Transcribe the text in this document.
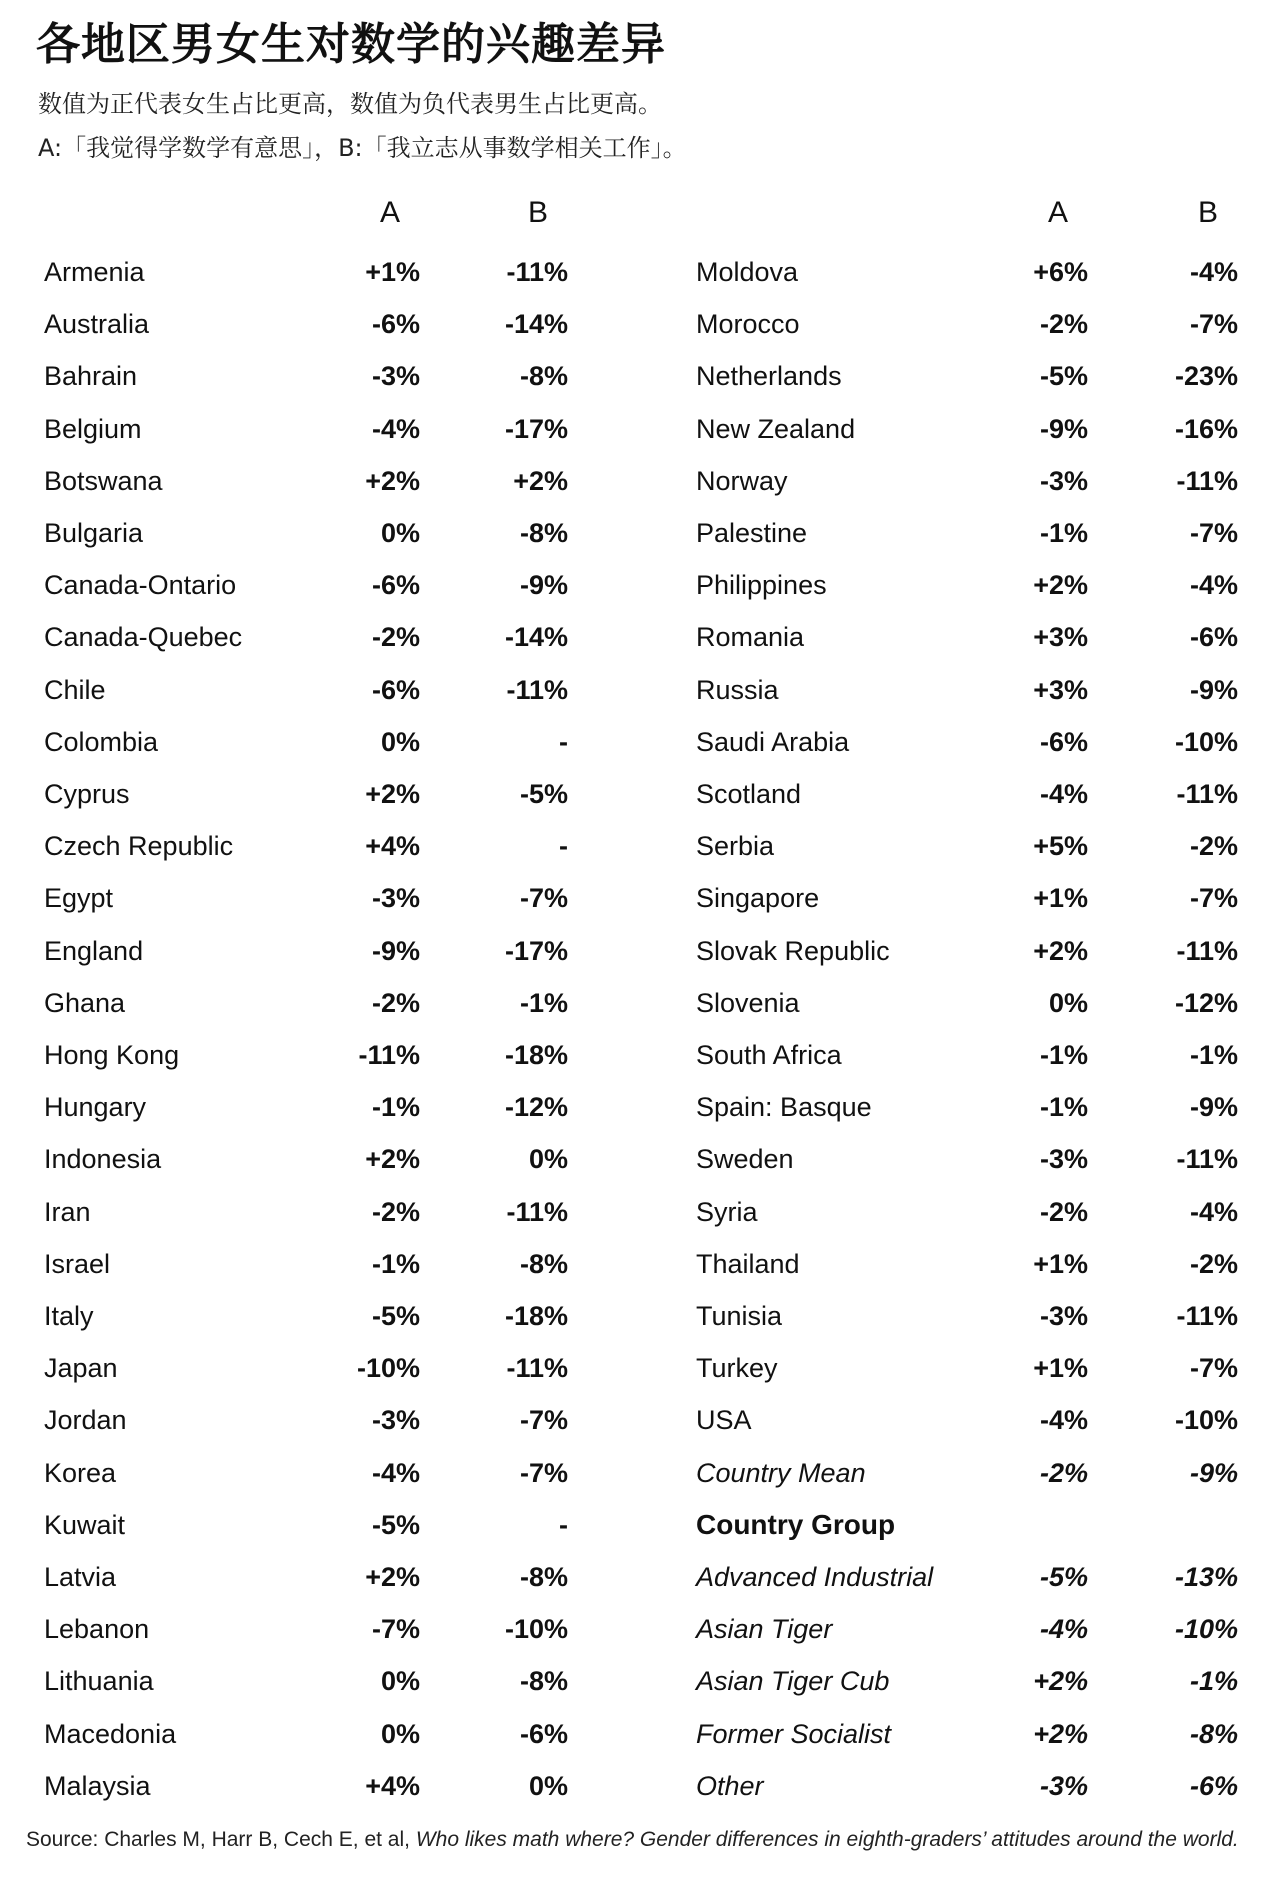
各地区男女生对数学的兴趣差异
数值为正代表女生占比更高，数值为负代表男生占比更高。
A:「我觉得学数学有意思」，B:「我立志从事数学相关工作」。
A	B	A	B
Armenia	+1%	-11%
Australia	-6%	-14%
Bahrain	-3%	-8%
Belgium	-4%	-17%
Botswana	+2%	+2%
Bulgaria	0%	-8%
Canada-Ontario	-6%	-9%
Canada-Quebec	-2%	-14%
Chile	-6%	-11%
Colombia	0%	-
Cyprus	+2%	-5%
Czech Republic	+4%	-
Egypt	-3%	-7%
England	-9%	-17%
Ghana	-2%	-1%
Hong Kong	-11%	-18%
Hungary	-1%	-12%
Indonesia	+2%	0%
Iran	-2%	-11%
Israel	-1%	-8%
Italy	-5%	-18%
Japan	-10%	-11%
Jordan	-3%	-7%
Korea	-4%	-7%
Kuwait	-5%	-
Latvia	+2%	-8%
Lebanon	-7%	-10%
Lithuania	0%	-8%
Macedonia	0%	-6%
Malaysia	+4%	0%
Moldova	+6%	-4%
Morocco	-2%	-7%
Netherlands	-5%	-23%
New Zealand	-9%	-16%
Norway	-3%	-11%
Palestine	-1%	-7%
Philippines	+2%	-4%
Romania	+3%	-6%
Russia	+3%	-9%
Saudi Arabia	-6%	-10%
Scotland	-4%	-11%
Serbia	+5%	-2%
Singapore	+1%	-7%
Slovak Republic	+2%	-11%
Slovenia	0%	-12%
South Africa	-1%	-1%
Spain: Basque	-1%	-9%
Sweden	-3%	-11%
Syria	-2%	-4%
Thailand	+1%	-2%
Tunisia	-3%	-11%
Turkey	+1%	-7%
USA	-4%	-10%
Country Mean	-2%	-9%
Country Group
Advanced Industrial	-5%	-13%
Asian Tiger	-4%	-10%
Asian Tiger Cub	+2%	-1%
Former Socialist	+2%	-8%
Other	-3%	-6%
Source: Charles M, Harr B, Cech E, et al, Who likes math where? Gender differences in eighth-graders’ attitudes around the world.
